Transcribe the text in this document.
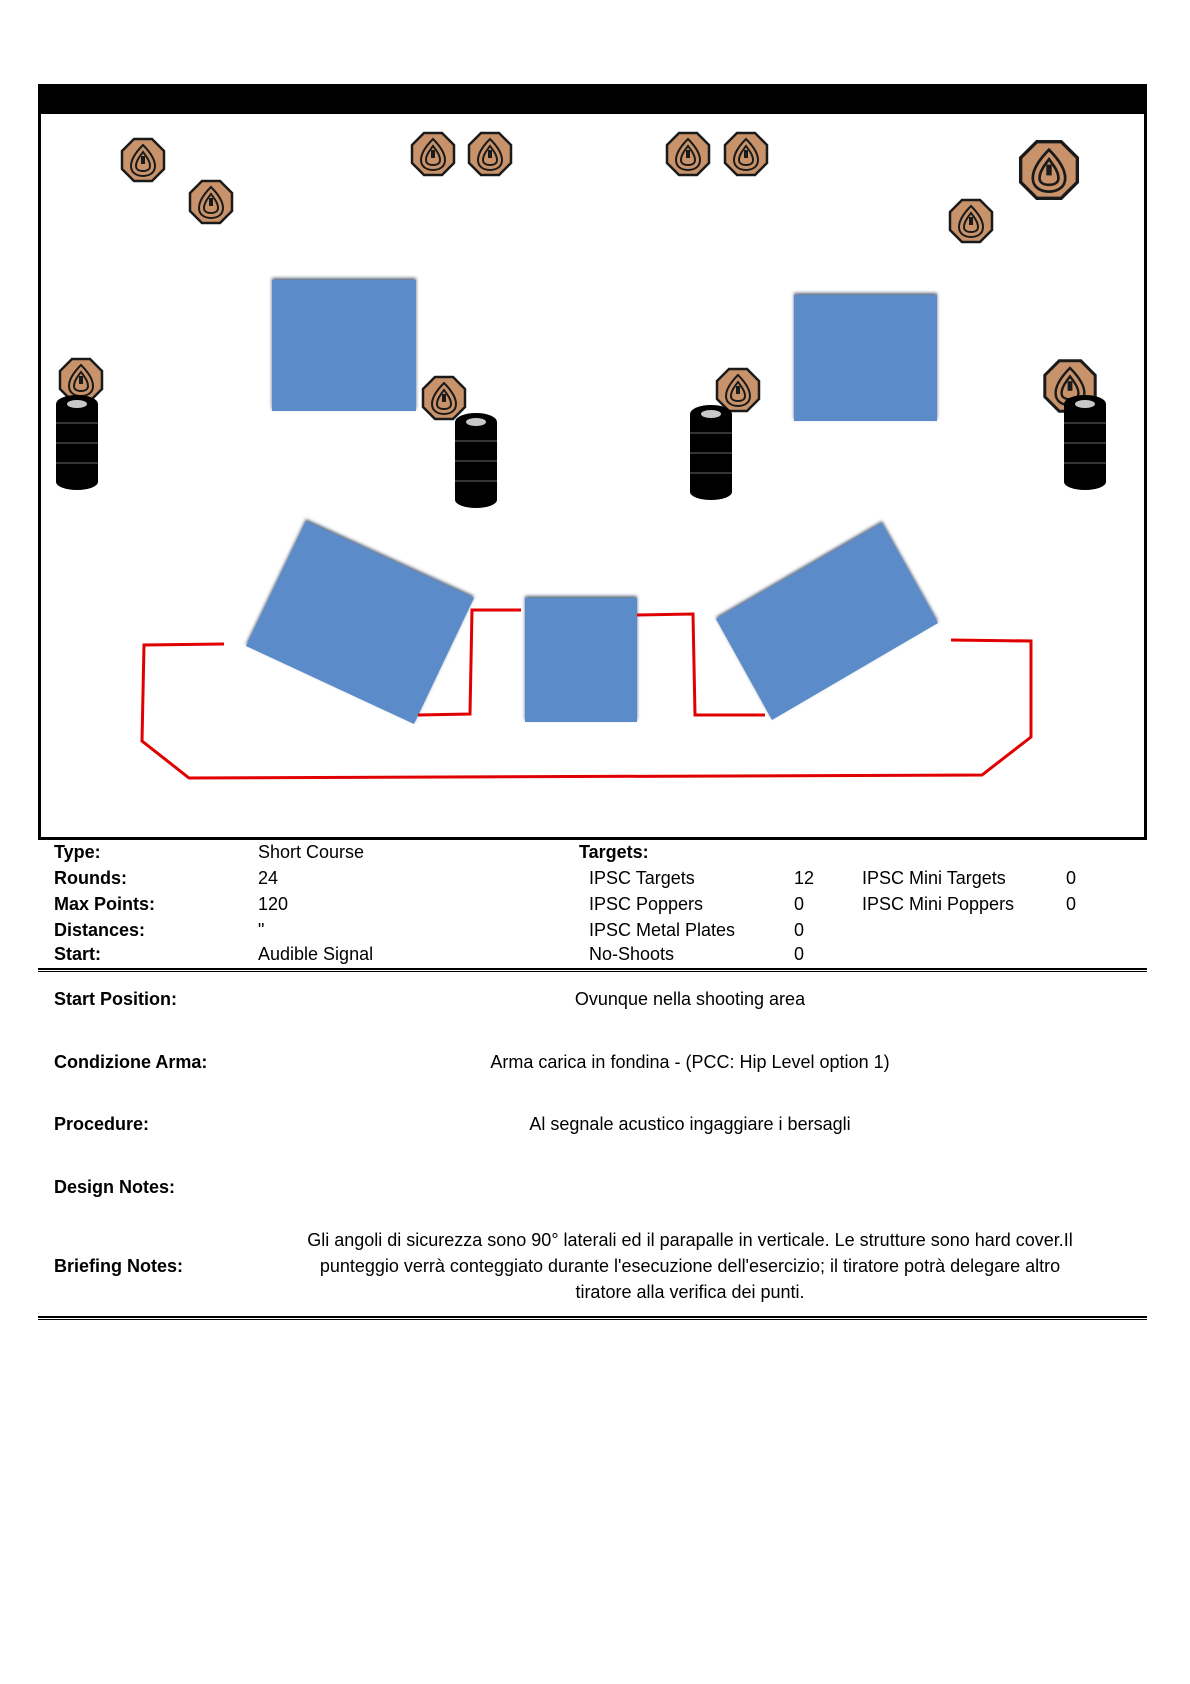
Type:	Short Course
Rounds:	24
Max Points:	120
Distances:	"
Start:	Audible Signal
Targets:
IPSC Targets	12
IPSC Poppers	0
IPSC Metal Plates	0
No-Shoots	0
IPSC Mini Targets	0
IPSC Mini Poppers	0
Start Position:	Ovunque nella shooting area
Condizione Arma:	Arma carica in fondina - (PCC: Hip Level option 1)
Procedure:	Al segnale acustico ingaggiare i bersagli
Design Notes:
Briefing Notes:
Gli angoli di sicurezza sono 90° laterali ed il parapalle in verticale. Le strutture sono hard cover.Il
punteggio verrà conteggiato durante l'esecuzione dell'esercizio; il tiratore potrà delegare altro
tiratore alla verifica dei punti.
